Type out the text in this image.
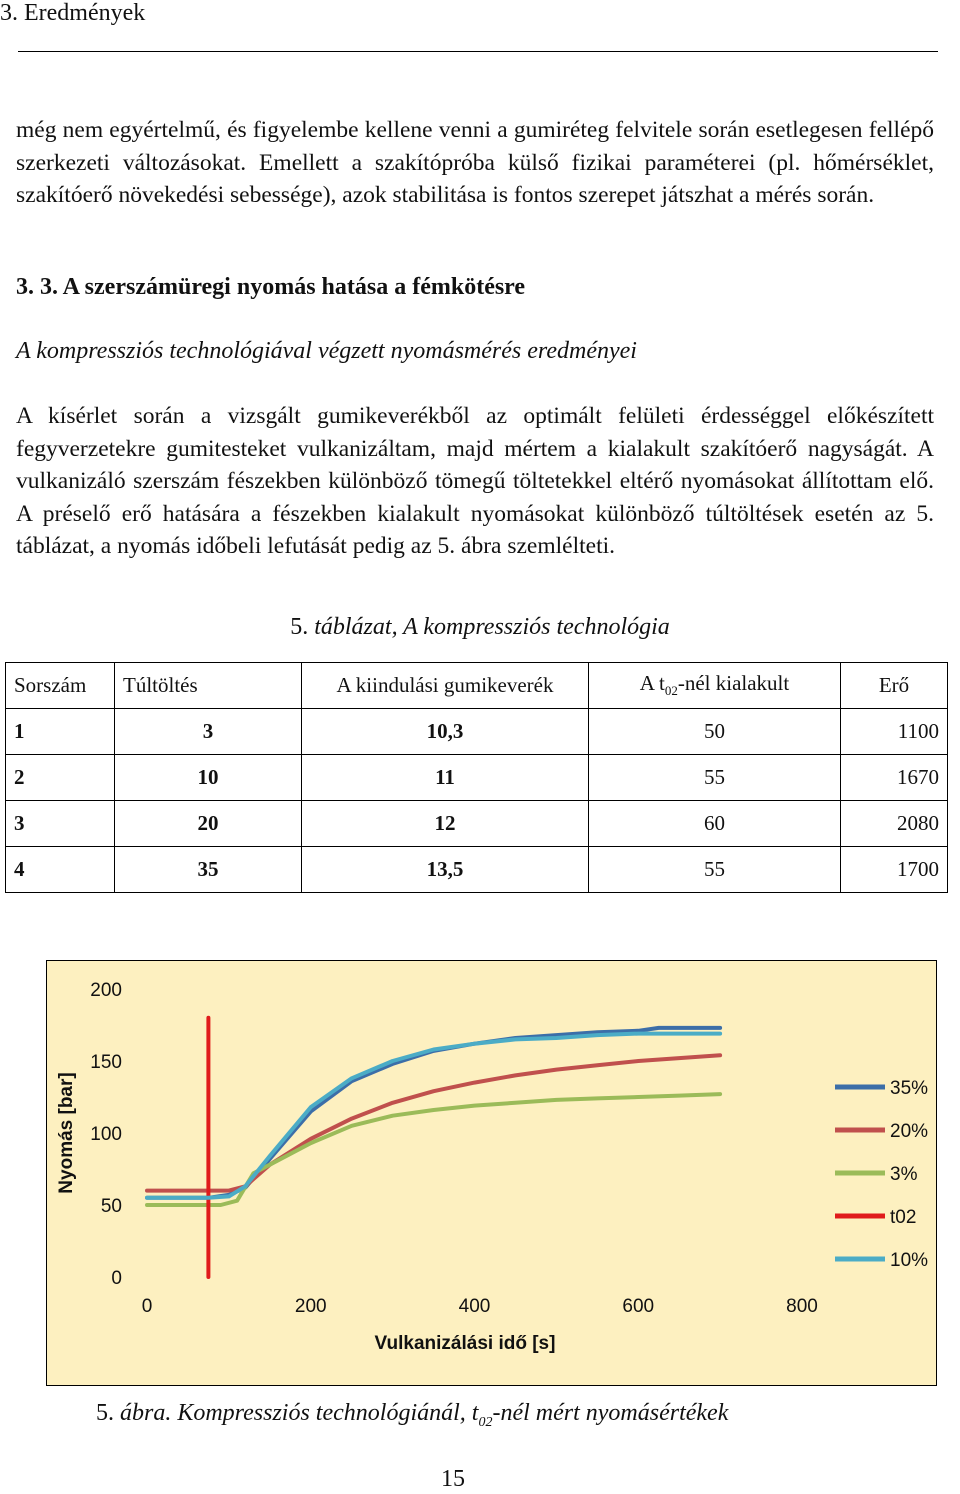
3. Eredmények
még nem egyértelmű, és figyelembe kellene venni a gumiréteg felvitele során esetlegesen fellépő szerkezeti változásokat. Emellett a szakítópróba külső fizikai paraméterei (pl. hőmérséklet, szakítóerő növekedési sebessége), azok stabilitása is fontos szerepet játszhat a mérés során.
3. 3. A szerszámüregi nyomás hatása a fémkötésre
A kompressziós technológiával végzett nyomásmérés eredményei
A kísérlet során a vizsgált gumikeverékből az optimált felületi érdességgel előkészített fegyverzetekre gumitesteket vulkanizáltam, majd mértem a kialakult szakítóerő nagyságát. A vulkanizáló szerszám fészekben különböző tömegű töltetekkel eltérő nyomásokat állítottam elő. A préselő erő hatására a fészekben kialakult nyomásokat különböző túltöltések esetén az 5. táblázat, a nyomás időbeli lefutását pedig az 5. ábra szemlélteti.
5. táblázat, A kompressziós technológia
Sorszám	Túltöltés	A kiindulási gumikeverék	A $t_{02}$-nél kialakult	Erő
1	3	10,3	50	1100
2	10	11	55	1670
3	20	12	60	2080
4	35	13,5	55	1700
0
50
100
150
200
0	200	400	600	800
35%
20%
3%
t02
10%
Nyomás [bar]
Vulkanizálási idő [s]
5. ábra. Kompressziós technológiánál, $t_{02}$-nél mért nyomásértékek
15
